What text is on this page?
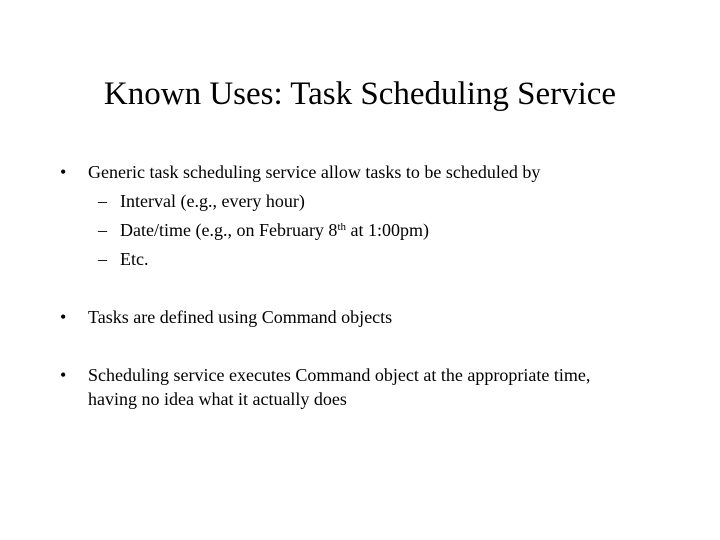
Known Uses: Task Scheduling Service
• Generic task scheduling service allow tasks to be scheduled by
– Interval (e.g., every hour)
– Date/time (e.g., on February 8th at 1:00pm)
– Etc.
• Tasks are defined using Command objects
• Scheduling service executes Command object at the appropriate time,
having no idea what it actually does
